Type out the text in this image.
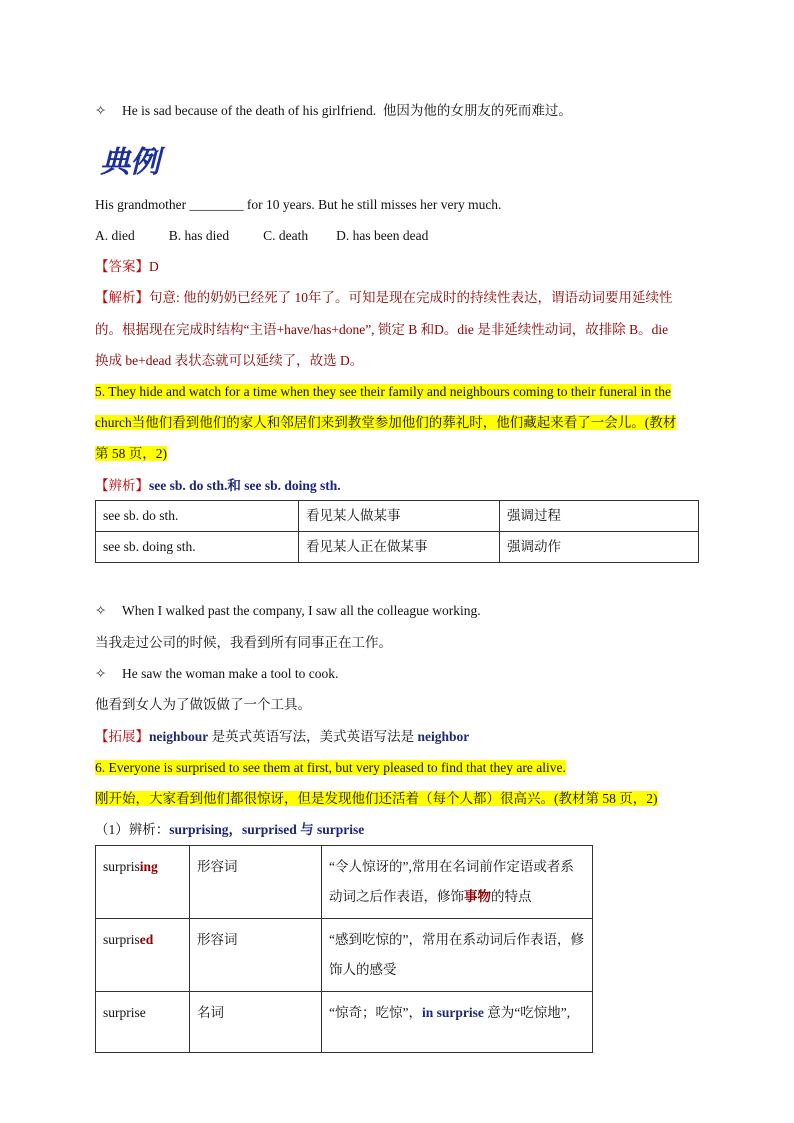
✧ He is sad because of the death of his girlfriend. 他因为他的女朋友的死而难过。
典例
His grandmother ________ for 10 years. But he still misses her very much.
A. died	B. has died	C. death D. has been dead
【答案】D
【解析】句意: 他的奶奶已经死了 10年了。可知是现在完成时的持续性表达，谓语动词要用延续性
的。根据现在完成时结构“主语+have/has+done”, 锁定 B 和D。die 是非延续性动词，故排除 B。die
换成 be+dead 表状态就可以延续了，故选 D。
5. They hide and watch for a time when they see their family and neighbours coming to their funeral in the
church当他们看到他们的家人和邻居们来到教堂参加他们的葬礼时，他们藏起来看了一会儿。(教材
第 58 页，2)
【辨析】see sb. do sth.和 see sb. doing sth.
see sb. do sth.	看见某人做某事	强调过程
see sb. doing sth.	看见某人正在做某事	强调动作
✧ When I walked past the company, I saw all the colleague working.
当我走过公司的时候，我看到所有同事正在工作。
✧ He saw the woman make a tool to cook.
他看到女人为了做饭做了一个工具。
【拓展】neighbour 是英式英语写法，美式英语写法是 neighbor
6. Everyone is surprised to see them at first, but very pleased to find that they are alive.
刚开始，大家看到他们都很惊讶，但是发现他们还活着（每个人都）很高兴。(教材第 58 页，2)
（1）辨析：surprising，surprised 与 surprise
surprising	形容词	“令人惊讶的”,常用在名词前作定语或者系
动词之后作表语，修饰事物的特点
surprised	形容词	“感到吃惊的”，常用在系动词后作表语，修
饰人的感受
surprise	名词	“惊奇；吃惊”，in surprise 意为“吃惊地”,
